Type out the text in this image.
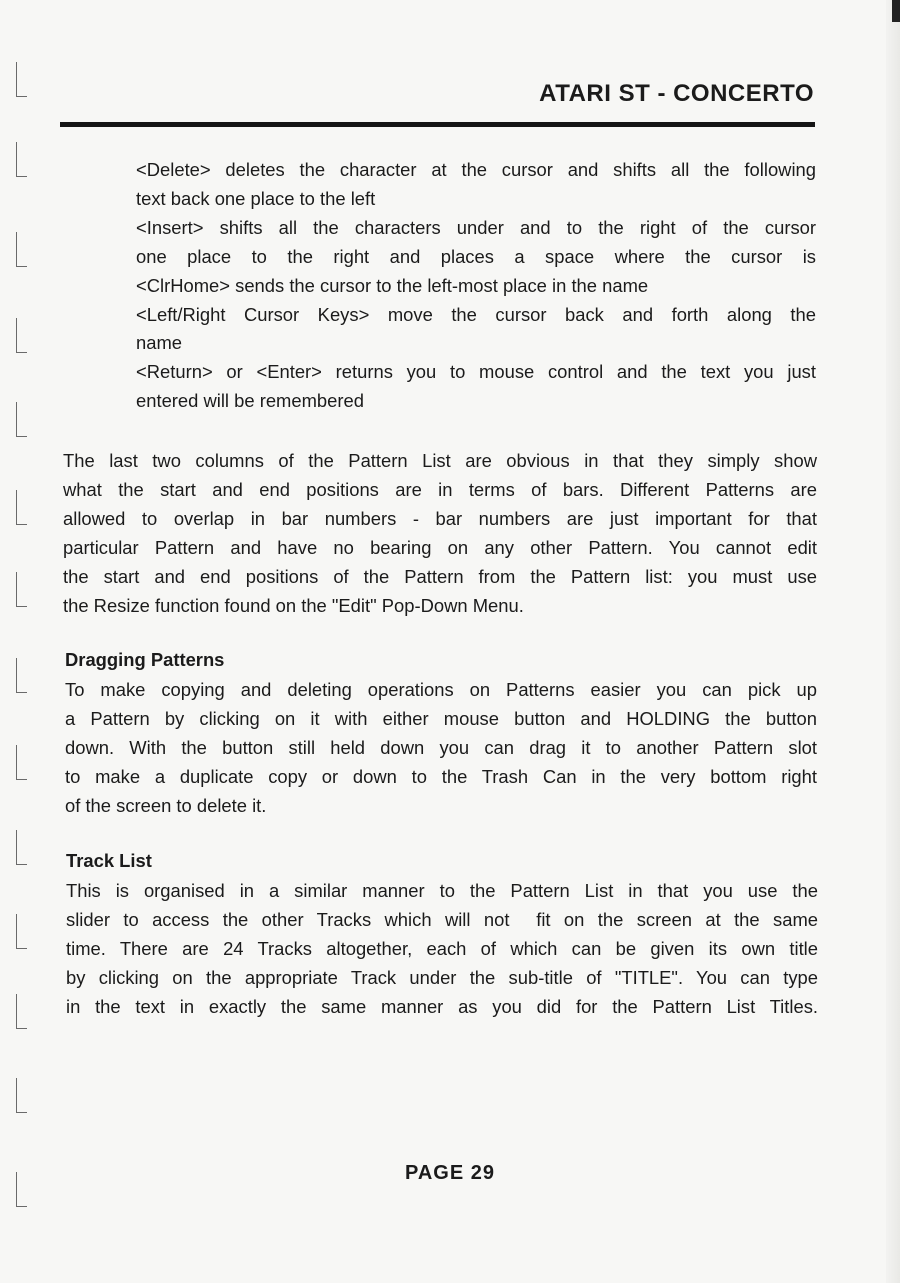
ATARI ST - CONCERTO
<Delete> deletes the character at the cursor and shifts all the following
text back one place to the left
<Insert> shifts all the characters under and to the right of the cursor
one place to the right and places a space where the cursor is
<ClrHome> sends the cursor to the left-most place in the name
<Left/Right Cursor Keys> move the cursor back and forth along the
name
<Return> or <Enter> returns you to mouse control and the text you just
entered will be remembered
The last two columns of the Pattern List are obvious in that they simply show
what the start and end positions are in terms of bars. Different Patterns are
allowed to overlap in bar numbers - bar numbers are just important for that
particular Pattern and have no bearing on any other Pattern. You cannot edit
the start and end positions of the Pattern from the Pattern list: you must use
the Resize function found on the "Edit" Pop-Down Menu.
Dragging Patterns
To make copying and deleting operations on Patterns easier you can pick up
a Pattern by clicking on it with either mouse button and HOLDING the button
down. With the button still held down you can drag it to another Pattern slot
to make a duplicate copy or down to the Trash Can in the very bottom right
of the screen to delete it.
Track List
This is organised in a similar manner to the Pattern List in that you use the
slider to access the other Tracks which will not  fit on the screen at the same
time. There are 24 Tracks altogether, each of which can be given its own title
by clicking on the appropriate Track under the sub-title of "TITLE". You can type
in the text in exactly the same manner as you did for the Pattern List Titles.
PAGE 29
